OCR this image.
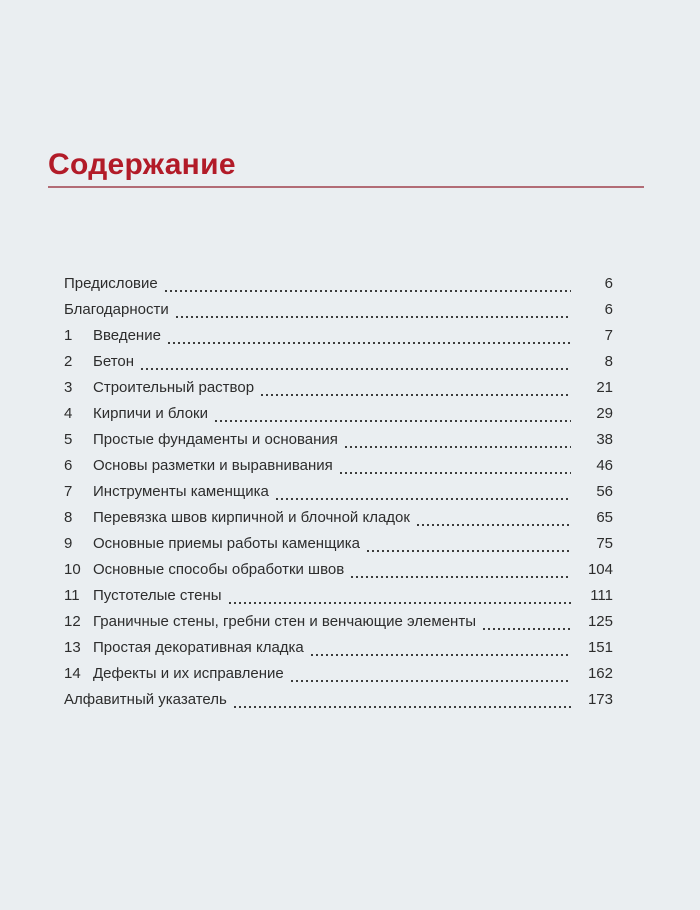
Содержание
Предисловие	6
Благодарности	6
1	Введение	7
2	Бетон	8
3	Строительный раствор	21
4	Кирпичи и блоки	29
5	Простые фундаменты и основания	38
6	Основы разметки и выравнивания	46
7	Инструменты каменщика	56
8	Перевязка швов кирпичной и блочной кладок	65
9	Основные приемы работы каменщика	75
10 Основные способы обработки швов	104
11 Пустотелые стены	111
12 Граничные стены, гребни стен и венчающие элементы	125
13 Простая декоративная кладка	151
14 Дефекты и их исправление	162
Алфавитный указатель	173
